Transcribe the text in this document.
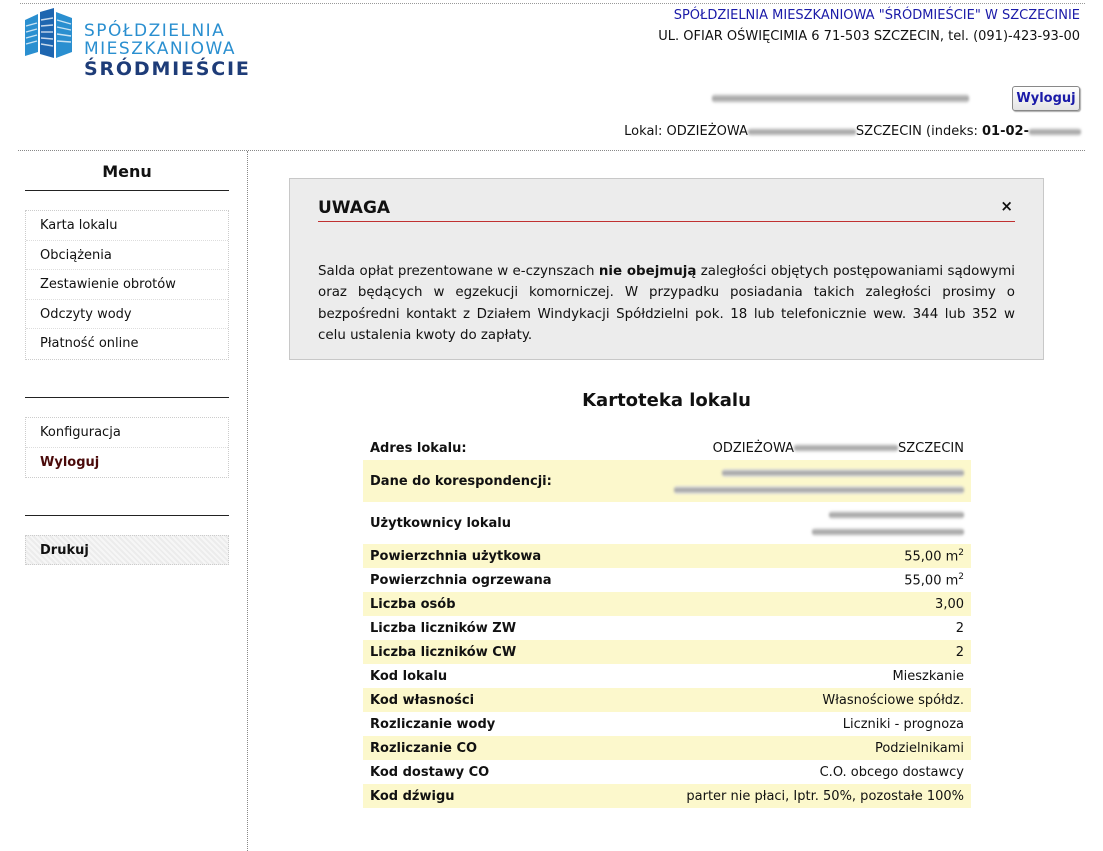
SPÓŁDZIELNIA
MIESZKANIOWA
ŚRÓDMIEŚCIE
SPÓŁDZIELNIA MIESZKANIOWA "ŚRÓDMIEŚCIE" W SZCZECINIE
UL. OFIAR OŚWIĘCIMIA 6 71-503 SZCZECIN, tel. (091)-423-93-00
Wyloguj
Lokal: ODZIEŻOWA	SZCZECIN (indeks: 01-02-
Menu
Karta lokalu
Obciążenia
Zestawienie obrotów
Odczyty wody
Płatność online
Konfiguracja
Wyloguj
Drukuj
UWAGA	×
Salda opłat prezentowane w e-czynszach nie obejmują zaległości objętych postępowaniami sądowymi oraz będących w egzekucji komorniczej. W przypadku posiadania takich zaległości prosimy o bezpośredni kontakt z Działem Windykacji Spółdzielni pok. 18 lub telefonicznie wew. 344 lub 352 w celu ustalenia kwoty do zapłaty.
Kartoteka lokalu
Adres lokalu:	ODZIEŻOWA SZCZECIN
Dane do korespondencji:	

Użytkownicy lokalu	

Powierzchnia użytkowa	55,00 $m^2$
Powierzchnia ogrzewana	55,00 $m^2$
Liczba osób	3,00
Liczba liczników ZW	2
Liczba liczników CW	2
Kod lokalu	Mieszkanie
Kod własności	Własnościowe spółdz.
Rozliczanie wody	Liczniki - prognoza
Rozliczanie CO	Podzielnikami
Kod dostawy CO	C.O. obcego dostawcy
Kod dźwigu	parter nie płaci, Iptr. 50%, pozostałe 100%
